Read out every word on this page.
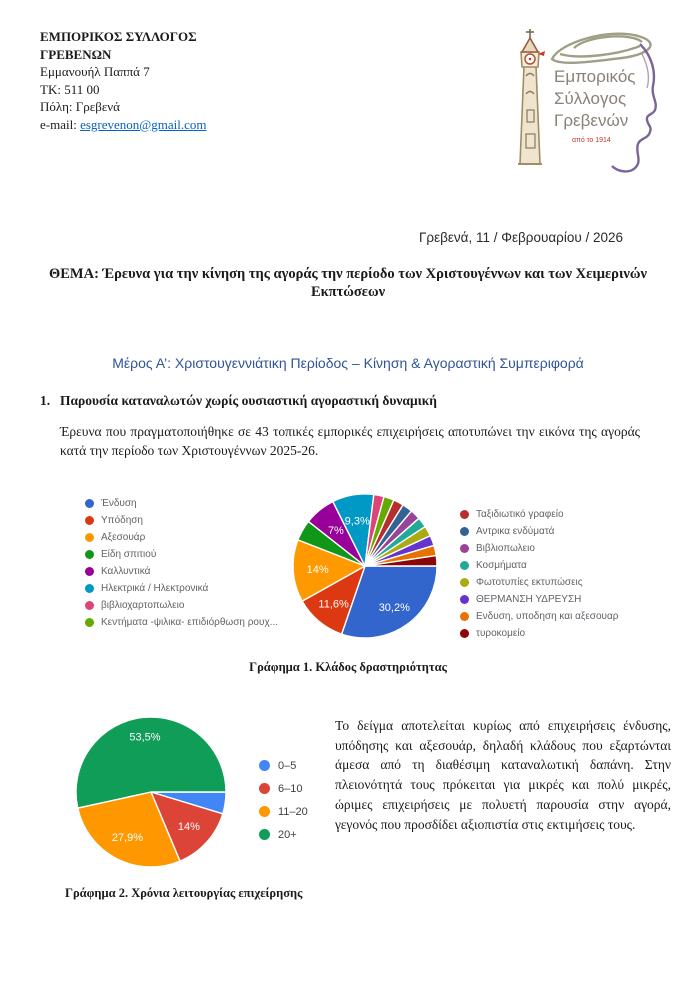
ΕΜΠΟΡΙΚΟΣ ΣΥΛΛΟΓΟΣ
ΓΡΕΒΕΝΩΝ
Εμμανουήλ Παππά 7
ΤΚ: 511 00
Πόλη: Γρεβενά
e-mail: esgrevenon@gmail.com
Εμπορικός
Σύλλογος
Γρεβενών
από το 1914
Γρεβενά, 11 / Φεβρουαρίου / 2026
ΘΕΜΑ: Έρευνα για την κίνηση της αγοράς την περίοδο των Χριστουγέννων και των Χειμερινών Εκπτώσεων
Μέρος Α’: Χριστουγεννιάτικη Περίοδος – Κίνηση & Αγοραστική Συμπεριφορά
1. Παρουσία καταναλωτών χωρίς ουσιαστική αγοραστική δυναμική

Έρευνα που πραγματοποιήθηκε σε 43 τοπικές εμπορικές επιχειρήσεις αποτυπώνει την εικόνα της αγοράς κατά την περίοδο των Χριστουγέννων 2025-26.

Ένδυση
Υπόδηση
Αξεσουάρ
Είδη σπιτιού
Καλλυντικά
Ηλεκτρικά / Ηλεκτρονικά
βιβλιοχαρτοπωλειο
Κεντήματα -ψιλικα- επιδιόρθωση ρουχ...
30,2%
11,6%
14%
7%
9,3%
Ταξιδιωτικό γραφείο
Αντρικα ενδύματά
Βιβλιοπωλειο
Κοσμήματα
Φωτοτυπίες εκτυπώσεις
ΘΕΡΜΑΝΣΗ ΥΔΡΕΥΣΗ
Ενδυση, υποδηση και αξεσουαρ
τυροκομείο
Γράφημα 1. Κλάδος δραστηριότητας
14%
27,9%
53,5%
0–5
6–10
11–20
20+

Το δείγμα αποτελείται κυρίως από επιχειρήσεις ένδυσης, υπόδησης και αξεσουάρ, δηλαδή κλάδους που εξαρτώνται άμεσα από τη διαθέσιμη καταναλωτική δαπάνη. Στην πλειονότητά τους πρόκειται για μικρές και πολύ μικρές, ώριμες επιχειρήσεις με πολυετή παρουσία στην αγορά, γεγονός που προσδίδει αξιοπιστία στις εκτιμήσεις τους.

Γράφημα 2. Χρόνια λειτουργίας επιχείρησης
